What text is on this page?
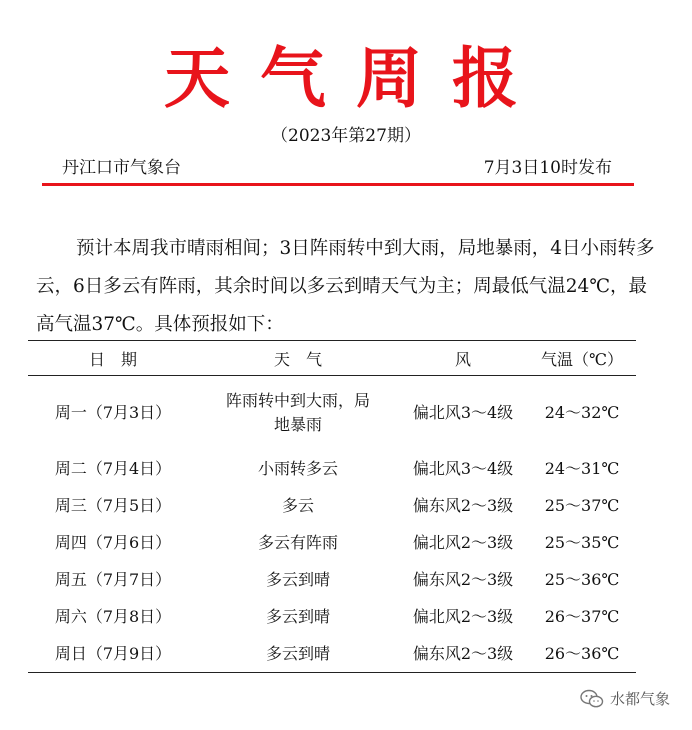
天气周报
（2023年第27期）
丹江口市气象台	7月3日10时发布

预计本周我市晴雨相间；3日阵雨转中到大雨，局地暴雨，4日小雨转多云，6日多云有阵雨，其余时间以多云到晴天气为主；周最低气温24℃，最高气温37℃。具体预报如下：

日　期	天　气	风	气温（℃）
周一（7月3日）	阵雨转中到大雨，局地暴雨	偏北风3～4级	24～32℃
周二（7月4日）	小雨转多云	偏北风3～4级	24～31℃
周三（7月5日）	多云	偏东风2～3级	25～37℃
周四（7月6日）	多云有阵雨	偏北风2～3级	25～35℃
周五（7月7日）	多云到晴	偏东风2～3级	25～36℃
周六（7月8日）	多云到晴	偏北风2～3级	26～37℃
周日（7月9日）	多云到晴	偏东风2～3级	26～36℃
水都气象
